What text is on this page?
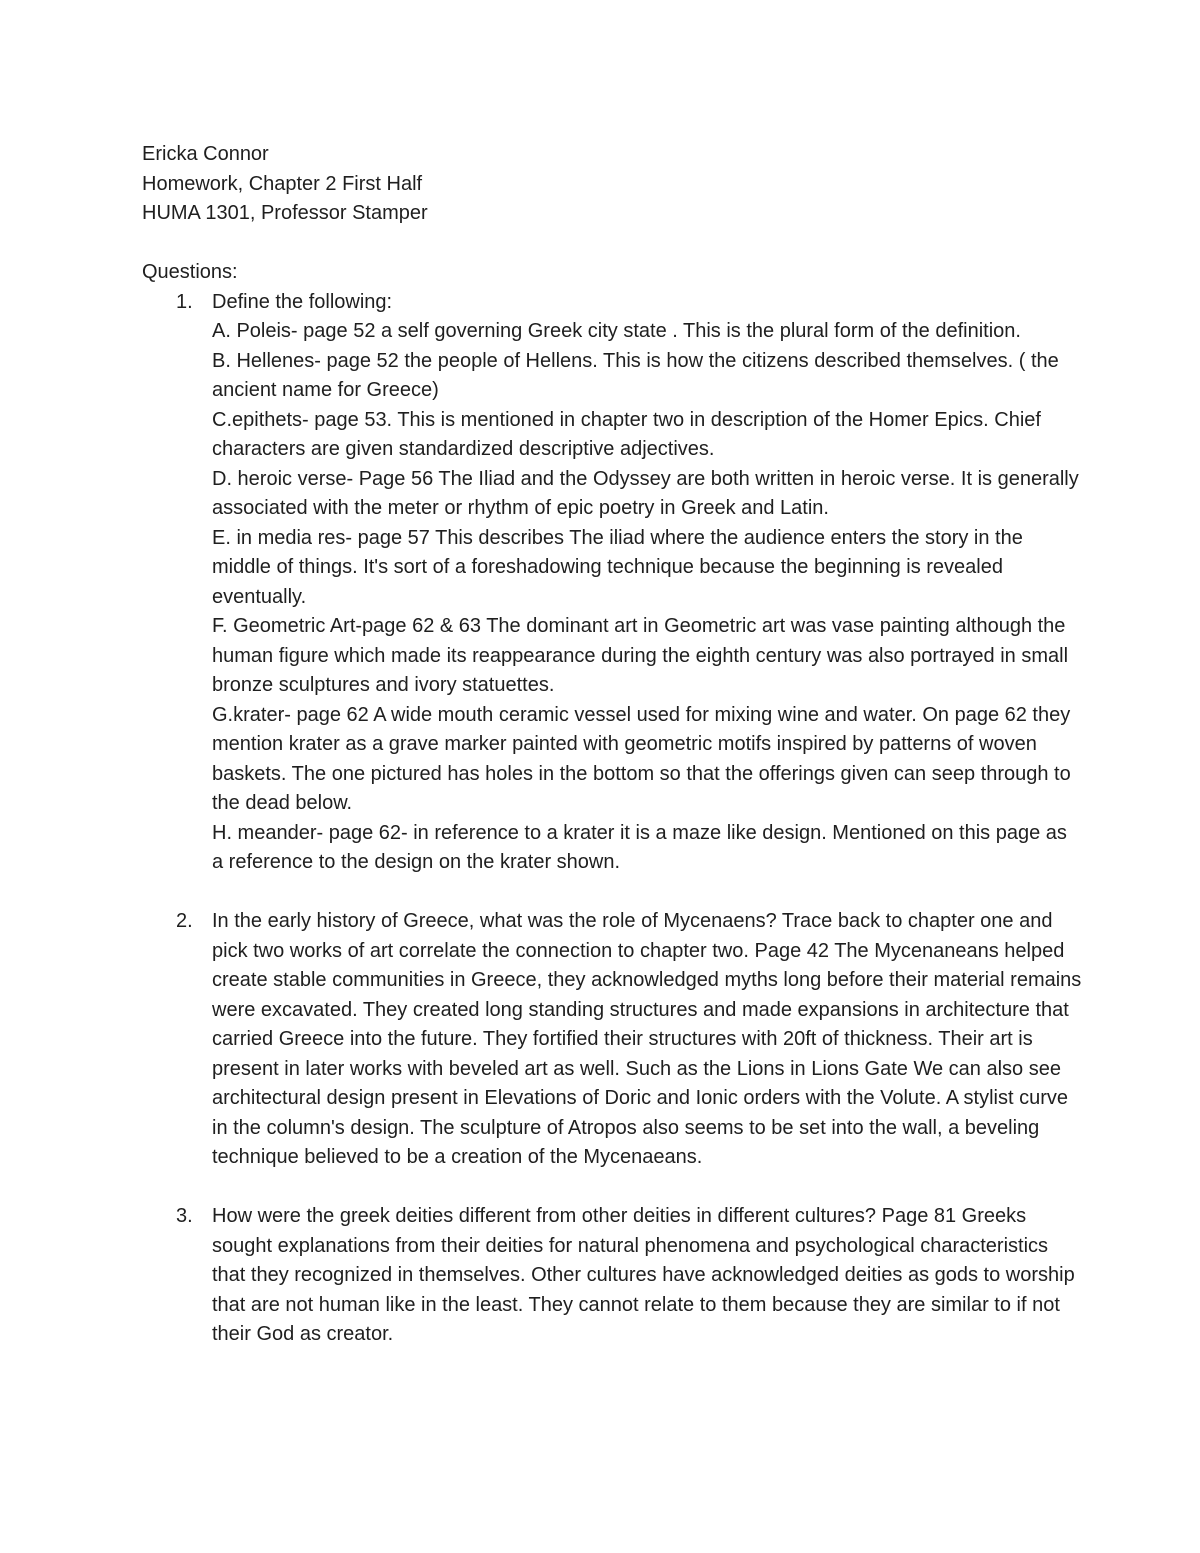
Ericka Connor
Homework, Chapter 2 First Half
HUMA 1301, Professor Stamper
Questions:
1. Define the following:
A. Poleis- page 52 a self governing Greek city state . This is the plural form of the definition.
B. Hellenes- page 52 the people of Hellens. This is how the citizens described themselves. ( the ancient name for Greece)
C.epithets- page 53. This is mentioned in chapter two in description of the Homer Epics. Chief characters are given standardized descriptive adjectives.
D. heroic verse- Page 56 The Iliad and the Odyssey are both written in heroic verse. It is generally associated with the meter or rhythm of epic poetry in Greek and Latin.
E. in media res- page 57 This describes The iliad where the audience enters the story in the middle of things. It's sort of a foreshadowing technique because the beginning is revealed eventually.
F. Geometric Art-page 62 & 63 The dominant art in Geometric art was vase painting although the human figure which made its reappearance during the eighth century was also portrayed in small bronze sculptures and ivory statuettes.
G.krater- page 62 A wide mouth ceramic vessel used for mixing wine and water. On page 62 they mention krater as a grave marker painted with geometric motifs inspired by patterns of woven baskets. The one pictured has holes in the bottom so that the offerings given can seep through to the dead below.
H. meander- page 62- in reference to a krater it is a maze like design. Mentioned on this page as a reference to the design on the krater shown.
2. In the early history of Greece, what was the role of Mycenaens? Trace back to chapter one and pick two works of art correlate the connection to chapter two. Page 42 The Mycenaneans helped create stable communities in Greece, they acknowledged myths long before their material remains were excavated. They created long standing structures and made expansions in architecture that carried Greece into the future. They fortified their structures with 20ft of thickness. Their art is present in later works with beveled art as well. Such as the Lions in Lions Gate We can also see architectural design present in Elevations of Doric and Ionic orders with the Volute. A stylist curve in the column's design. The sculpture of Atropos also seems to be set into the wall, a beveling technique believed to be a creation of the Mycenaeans.
3. How were the greek deities different from other deities in different cultures? Page 81 Greeks sought explanations from their deities for natural phenomena and psychological characteristics that they recognized in themselves. Other cultures have acknowledged deities as gods to worship that are not human like in the least. They cannot relate to them because they are similar to if not their God as creator.
